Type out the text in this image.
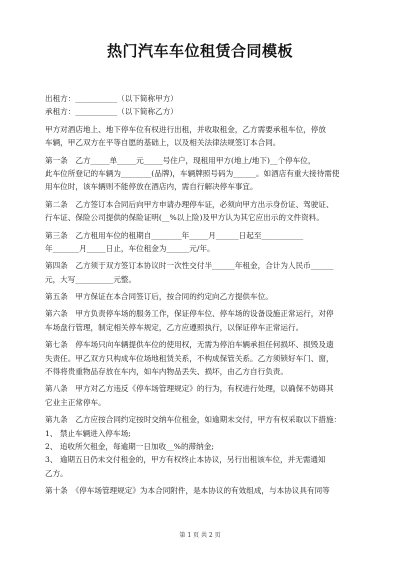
热门汽车车位租赁合同模板
出租方：___________（以下简称甲方）
承租方：___________（以下简称乙方）
甲方对酒店地上、地下停车位有权进行出租，并收取租金，乙方需要承租车位，停放
车辆，甲乙双方在平等自愿的基础上，以及相关法律法规签订本合同。
第一条　乙方_____单_____元_____号住户，现租用甲方(地上/地下)__个停车位，
此车位所登记的车辆为________(品牌)，车辆牌照号码为______。如酒店有重大接待需使
用车位时，该车辆则不能停放在酒店内，需自行解决停车事宜。
第二条　乙方签订本合同后向甲方申请办理停车证，必须向甲方出示身份证、驾驶证、
行车证、保险公司提供的保险证明(__%以上险)及甲方认为其它应出示的文件资料。
第三条　乙方租用车位的租期自________年_____月______日起至___________
年_______月_____日止，车位租金为______元/年。
第四条　乙方须于双方签订本协议时一次性交付半______年租金，合计为人民币______
元，大写__________元整。
第五条　甲方保证在本合同签订后，按合同的约定向乙方提供车位。
第六条　甲方负责停车场的服务工作，保证停车位、停车场的设备设施正常运行，对停
车场盘行管理，制定相关停车规定，乙方应遵照执行，以保证停车正常运行。
第七条　停车场只向车辆提供车位的使用权，无需为停泊车辆承担任何损坏、损毁及遗
失责任。甲乙双方只构成车位场地租赁关系，不构成保管关系。乙方须锁好车门、窗，
不得将贵重物品存放在车内，如车内物品丢失、损坏，由乙方自行负责。
第八条　甲方对乙方违反《停车场管理规定》的行为，有权进行处理，以确保不妨碍其
它业主正常停车。
第九条　乙方应按合同约定按时交纳车位租金，如逾期未交付，甲方有权采取以下措施：
1、 禁止车辆进入停车场;
2、 追收所欠租金，每逾期一日加收__%的滞纳金;
3、 逾期五日仍未交付租金的，甲方有权终止本协议，另行出租该车位，并无需通知
乙方。
第十条　《停车场管理规定》为本合同附件，是本协议的有效组成，与本协议具有同等
第 1 页 共 2 页
